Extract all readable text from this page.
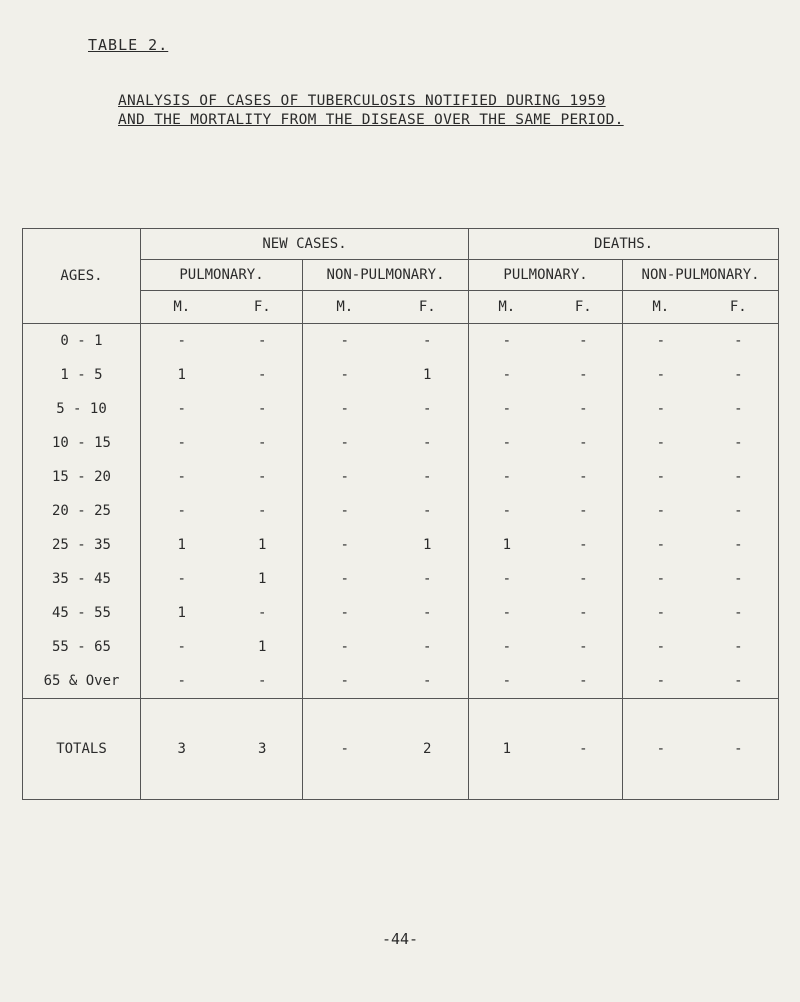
TABLE 2.
ANALYSIS OF CASES OF TUBERCULOSIS NOTIFIED DURING 1959
AND THE MORTALITY FROM THE DISEASE OVER THE SAME PERIOD.
AGES.	NEW CASES.				DEATHS.			
	PULMONARY.		NON-PULMONARY.		PULMONARY.		NON-PULMONARY.	
	M.	F.	M.	F.	M.	F.	M.	F.
0 - 1	-	-	-	-	-	-	-	-
1 - 5	1	-	-	1	-	-	-	-
5 - 10	-	-	-	-	-	-	-	-
10 - 15	-	-	-	-	-	-	-	-
15 - 20	-	-	-	-	-	-	-	-
20 - 25	-	-	-	-	-	-	-	-
25 - 35	1	1	-	1	1	-	-	-
35 - 45	-	1	-	-	-	-	-	-
45 - 55	1	-	-	-	-	-	-	-
55 - 65	-	1	-	-	-	-	-	-
65 & Over	-	-	-	-	-	-	-	-
TOTALS	3	3	-	2	1	-	-	-
-44-
